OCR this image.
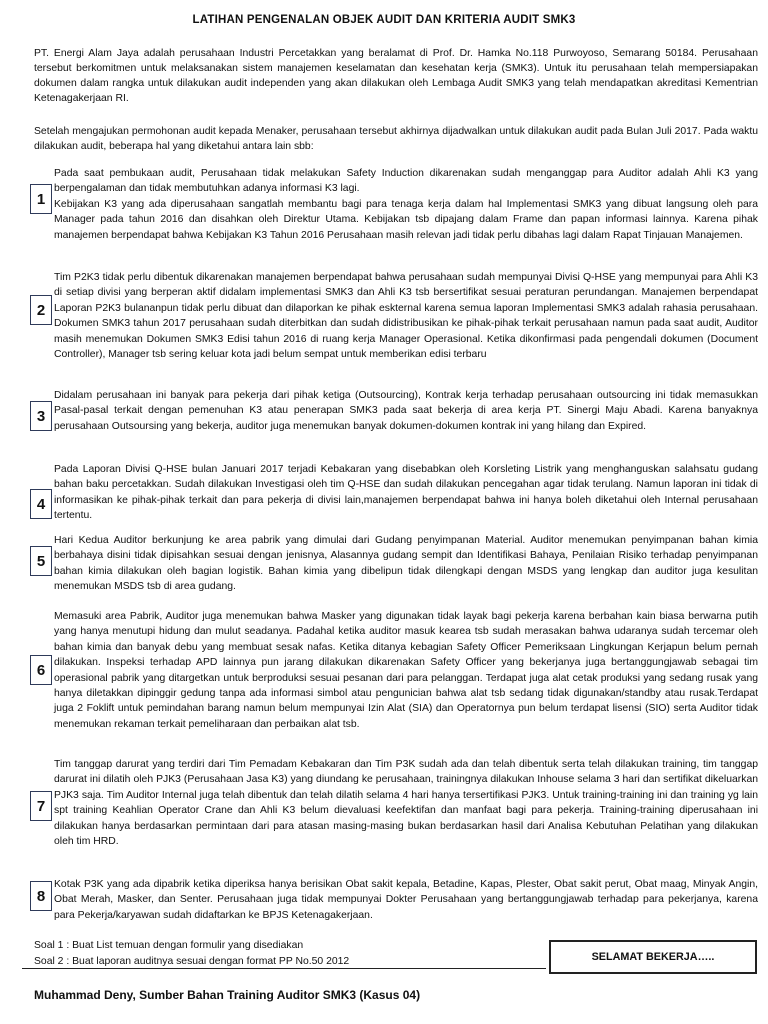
LATIHAN PENGENALAN OBJEK AUDIT DAN KRITERIA AUDIT SMK3
PT. Energi Alam Jaya adalah perusahaan Industri Percetakkan yang beralamat di Prof. Dr. Hamka No.118 Purwoyoso, Semarang 50184. Perusahaan tersebut berkomitmen untuk melaksanakan sistem manajemen keselamatan dan kesehatan kerja (SMK3). Untuk itu perusahaan telah mempersiapakan dokumen dalam rangka untuk dilakukan audit independen yang akan dilakukan oleh Lembaga Audit SMK3 yang telah mendapatkan akreditasi Kementrian Ketenagakerjaan RI.
Setelah mengajukan permohonan audit kepada Menaker, perusahaan tersebut akhirnya dijadwalkan untuk dilakukan audit pada Bulan Juli 2017. Pada waktu dilakukan audit, beberapa hal yang diketahui antara lain sbb:
1

Pada saat pembukaan audit, Perusahaan tidak melakukan Safety Induction dikarenakan sudah menganggap para Auditor adalah Ahli K3 yang berpengalaman dan tidak membutuhkan adanya informasi K3 lagi.

Kebijakan K3 yang ada diperusahaan sangatlah membantu bagi para tenaga kerja dalam hal Implementasi SMK3 yang dibuat langsung oleh para Manager pada tahun 2016 dan disahkan oleh Direktur Utama. Kebijakan tsb dipajang dalam Frame dan papan informasi lainnya. Karena pihak manajemen berpendapat bahwa Kebijakan K3 Tahun 2016 Perusahaan masih relevan jadi tidak perlu dibahas lagi dalam Rapat Tinjauan Manajemen.

2

Tim P2K3 tidak perlu dibentuk dikarenakan manajemen berpendapat bahwa perusahaan sudah mempunyai Divisi Q-HSE yang mempunyai para Ahli K3 di setiap divisi yang berperan aktif didalam implementasi SMK3 dan Ahli K3 tsb bersertifikat sesuai peraturan perundangan. Manajemen berpendapat Laporan P2K3 bulananpun tidak perlu dibuat dan dilaporkan ke pihak eskternal karena semua laporan Implementasi SMK3 adalah rahasia perusahaan. Dokumen SMK3 tahun 2017 perusahaan sudah diterbitkan dan sudah didistribusikan ke pihak-pihak terkait perusahaan namun pada saat audit, Auditor masih menemukan Dokumen SMK3 Edisi tahun 2016 di ruang kerja Manager Operasional. Ketika dikonfirmasi pada pengendali dokumen (Document Controller), Manager tsb sering keluar kota jadi belum sempat untuk memberikan edisi terbaru

3

Didalam perusahaan ini banyak para pekerja dari pihak ketiga (Outsourcing), Kontrak kerja terhadap perusahaan outsourcing ini tidak memasukkan Pasal-pasal terkait dengan pemenuhan K3 atau penerapan SMK3 pada saat bekerja di area kerja PT. Sinergi Maju Abadi. Karena banyaknya perusahaan Outsoursing yang bekerja, auditor juga menemukan banyak dokumen-dokumen kontrak ini yang hilang dan Expired.

4

Pada Laporan Divisi Q-HSE bulan Januari 2017 terjadi Kebakaran yang disebabkan oleh Korsleting Listrik yang menghanguskan salahsatu gudang bahan baku percetakkan. Sudah dilakukan Investigasi oleh tim Q-HSE dan sudah dilakukan pencegahan agar tidak terulang. Namun laporan ini tidak di informasikan ke pihak-pihak terkait dan para pekerja di divisi lain,manajemen berpendapat bahwa ini hanya boleh diketahui oleh Internal perusahaan tertentu.

5

Hari Kedua Auditor berkunjung ke area pabrik yang dimulai dari Gudang penyimpanan Material. Auditor menemukan penyimpanan bahan kimia berbahaya disini tidak dipisahkan sesuai dengan jenisnya, Alasannya gudang sempit dan Identifikasi Bahaya, Penilaian Risiko terhadap penyimpanan bahan kimia dilakukan oleh bagian logistik. Bahan kimia yang dibelipun tidak dilengkapi dengan MSDS yang lengkap dan auditor juga kesulitan menemukan MSDS tsb di area gudang.

6

Memasuki area Pabrik, Auditor juga menemukan bahwa Masker yang digunakan tidak layak bagi pekerja karena berbahan kain biasa berwarna putih yang hanya menutupi hidung dan mulut seadanya. Padahal ketika auditor masuk kearea tsb sudah merasakan bahwa udaranya sudah tercemar oleh bahan kimia dan banyak debu yang membuat sesak nafas. Ketika ditanya kebagian Safety Officer Pemeriksaan Lingkungan Kerjapun belum pernah dilakukan. Inspeksi terhadap APD lainnya pun jarang dilakukan dikarenakan Safety Officer yang bekerjanya juga bertanggungjawab sebagai tim operasional pabrik yang ditargetkan untuk berproduksi sesuai pesanan dari para pelanggan. Terdapat juga alat cetak produksi yang sedang rusak yang hanya diletakkan dipinggir gedung tanpa ada informasi simbol atau pengunician bahwa alat tsb sedang tidak digunakan/standby atau rusak.Terdapat juga 2 Foklift untuk pemindahan barang namun belum mempunyai Izin Alat (SIA) dan Operatornya pun belum terdapat lisensi (SIO) serta Auditor tidak menemukan rekaman terkait pemeliharaan dan perbaikan alat tsb.

7

Tim tanggap darurat yang terdiri dari Tim Pemadam Kebakaran dan Tim P3K sudah ada dan telah dibentuk serta telah dilakukan training, tim tanggap darurat ini dilatih oleh PJK3 (Perusahaan Jasa K3) yang diundang ke perusahaan, trainingnya dilakukan Inhouse selama 3 hari dan sertifikat dikeluarkan PJK3 saja. Tim Auditor Internal juga telah dibentuk dan telah dilatih selama 4 hari hanya tersertifikasi PJK3. Untuk training-training ini dan training yg lain spt training Keahlian Operator Crane dan Ahli K3 belum dievaluasi keefektifan dan manfaat bagi para pekerja. Training-training diperusahaan ini dilakukan hanya berdasarkan permintaan dari para atasan masing-masing bukan berdasarkan hasil dari Analisa Kebutuhan Pelatihan yang dilakukan oleh tim HRD.

8

Kotak P3K yang ada dipabrik ketika diperiksa hanya berisikan Obat sakit kepala, Betadine, Kapas, Plester, Obat sakit perut, Obat maag, Minyak Angin, Obat Merah, Masker, dan Senter. Perusahaan juga tidak mempunyai Dokter Perusahaan yang bertanggungjawab terhadap para pekerjanya, karena para Pekerja/karyawan sudah didaftarkan ke BPJS Ketenagakerjaan.

Soal 1 : Buat List temuan dengan formulir yang disediakan
Soal 2 : Buat laporan auditnya sesuai dengan format PP No.50 2012	SELAMAT BEKERJA…..
Muhammad Deny, Sumber Bahan Training Auditor SMK3 (Kasus 04)
